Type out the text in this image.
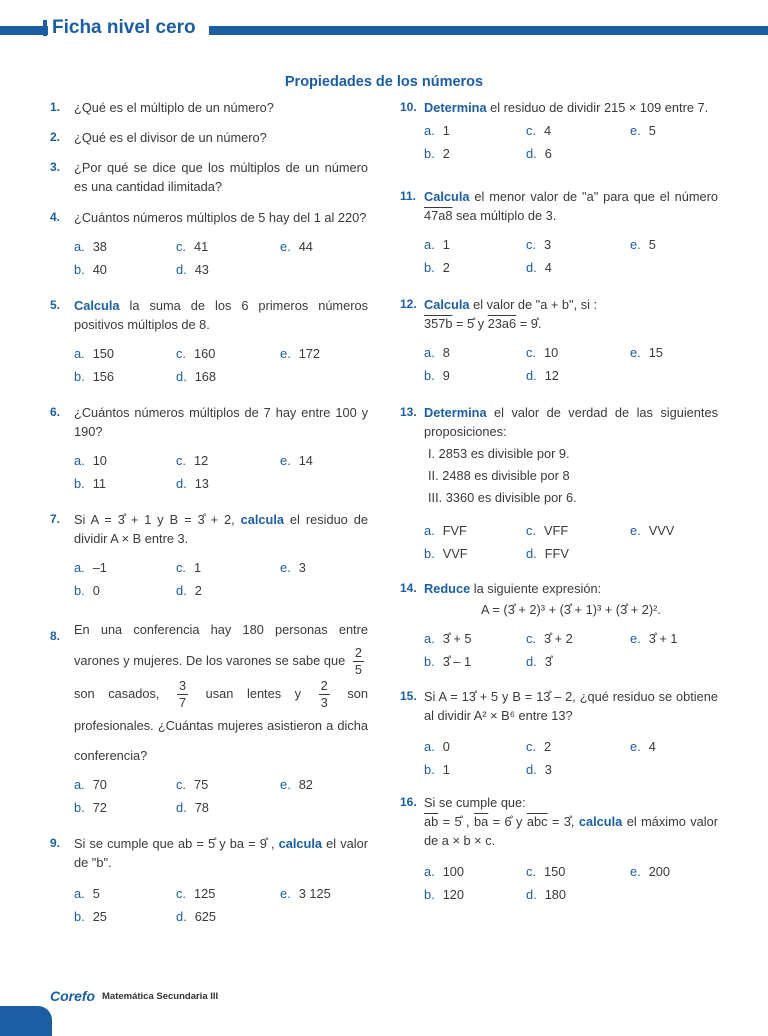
Ficha nivel cero
Propiedades de los números

1. ¿Qué es el múltiplo de un número?

2. ¿Qué es el divisor de un número?

3. ¿Por qué se dice que los múltiplos de un número es una cantidad ilimitada?

4. ¿Cuántos números múltiplos de 5 hay del 1 al 220?

a. 38	c. 41	e. 44
b. 40	d. 43

5. Calcula la suma de los 6 primeros números positivos múltiplos de 8.

a. 150	c. 160	e. 172
b. 156	d. 168

6. ¿Cuántos números múltiplos de 7 hay entre 100 y 190?

a. 10	c. 12	e. 14
b. 11	d. 13

7. Si A = 3̊ + 1 y B = 3̊ + 2, calcula el residuo de dividir A × B entre 3.

a. –1	c. 1	e. 3
b. 0	d. 2

8. En una conferencia hay 180 personas entre varones y mujeres. De los varones se sabe que $\frac{2}{5}$
son casados, $\frac{3}{7}$ usan lentes y $\frac{2}{3}$ son profesionales. ¿Cuántas mujeres asistieron a dicha conferencia?

a. 70	c. 75	e. 82
b. 72	d. 78

9. Si se cumple que ab = 5̊ y ba = 9̊ , calcula el valor de "b".

a. 5	c. 125	e. 3 125
b. 25	d. 625

10. Determina el residuo de dividir 215 × 109 entre 7.

a. 1	c. 4	e. 5
b. 2	d. 6

11. Calcula el menor valor de "a" para que el número 47a8 sea múltiplo de 3.

a. 1	c. 3	e. 5
b. 2	d. 4

12. Calcula el valor de "a + b", si :
357b = 5̊ y 23a6 = 9̊.

a. 8	c. 10	e. 15
b. 9	d. 12

13. Determina el valor de verdad de las siguientes proposiciones:

I. 2853 es divisible por 9.
II. 2488 es divisible por 8
III. 3360 es divisible por 6.
a. FVF	c. VFF	e. VVV
b. VVF	d. FFV

14. Reduce la siguiente expresión:

A = (3̊ + 2)³ + (3̊ + 1)³ + (3̊ + 2)².
a. 3̊ + 5	c. 3̊ + 2	e. 3̊ + 1
b. 3̊ – 1	d. 3̊

15. Si A = 13̊ + 5 y B = 13̊ – 2, ¿qué residuo se obtiene al dividir A² × B⁶ entre 13?

a. 0	c. 2	e. 4
b. 1	d. 3

16. Si se cumple que:
$\overline{ab}$ = 5̊ , $\overline{ba}$ = 6̊ y $\overline{abc}$ = 3̊, calcula el máximo valor de a × b × c.

a. 100	c. 150	e. 200
b. 120	d. 180
Corefo Matemática Secundaria III
